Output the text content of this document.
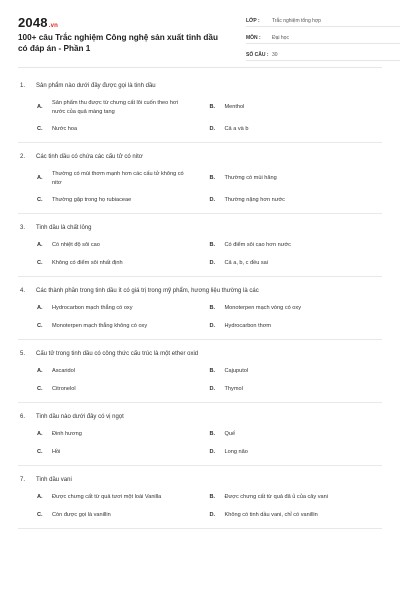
2048.vn
100+ câu Trắc nghiệm Công nghệ sản xuất tinh dầu có đáp án - Phần 1
LỚP :	Trắc nghiệm tổng hợp
MÔN :	Đại học
SỐ CÂU : 30
1.	Sản phẩm nào dưới đây được gọi là tinh dầu
A.
Sản phẩm thu được từ chưng cất lôi cuốn theo hơi nước của quả màng tang
B.	Menthol
C.	Nước hoa	D.	Cả a và b
2.	Các tinh dầu có chứa các cấu tử có nitơ
A.
Thường có mùi thơm mạnh hơn các cấu tử không có nitơ
B.	Thường có mùi hăng
C.	Thường gặp trong họ rubiaceae	D.	Thường nặng hơn nước
3.	Tinh dầu là chất lỏng
A.	Có nhiệt độ sôi cao	B.	Có điểm sôi cao hơn nước
C.	Không có điểm sôi nhất định	D.	Cả a, b, c đều sai
4.	Các thành phần trong tinh dầu ít có giá trị trong mỹ phẩm, hương liệu thường là các
A.	Hydrocarbon mạch thẳng có oxy	B.	Monoterpen mạch vòng có oxy
C.	Monoterpen mạch thẳng không có oxy	D.	Hydrocarbon thơm
5.	Cấu tử trong tinh dầu có công thức cấu trúc là một ether oxid
A.	Ascaridol	B.	Cajuputol
C.	Citronelol	D.	Thymol
6.	Tinh dầu nào dưới đây có vị ngọt
A.	Đinh hương	B.	Quế
C.	Hồi	D.	Long não
7.	Tinh dầu vani
A.	Được chưng cất từ quả tươi một loài Vanilla	B.	Được chưng cất từ quả đã ủ của cây vani
C.	Còn được gọi là vanillin	D.	Không có tinh dầu vani, chỉ có vanillin
